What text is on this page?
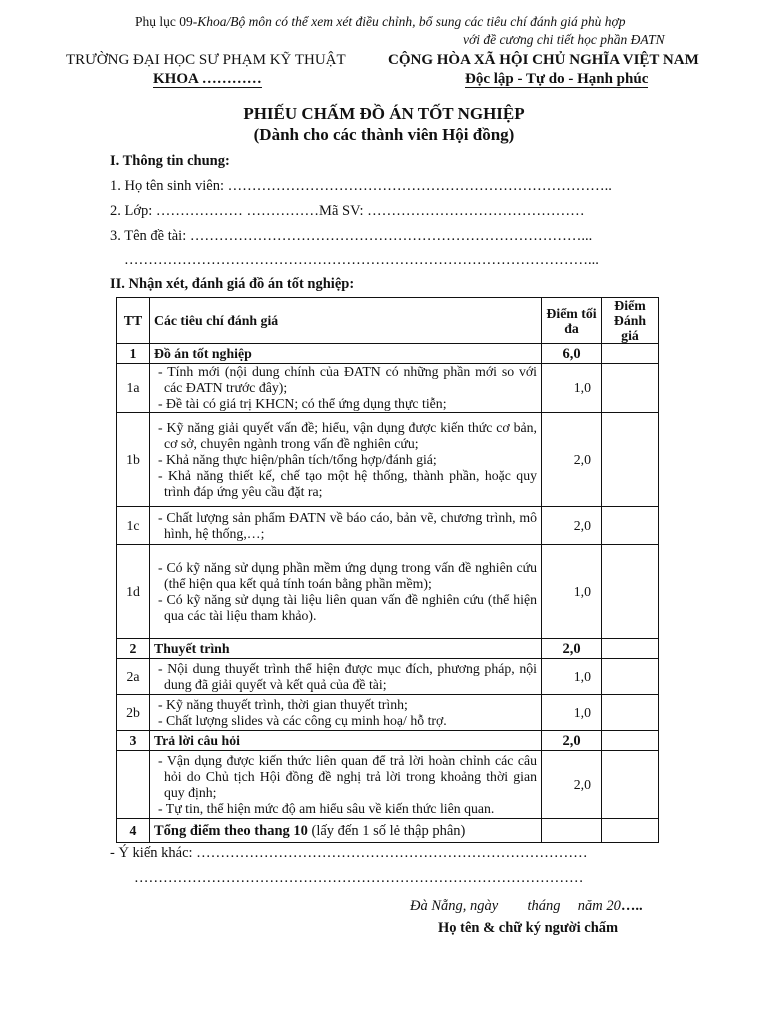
Phụ lục 09-Khoa/Bộ môn có thể xem xét điều chỉnh, bổ sung các tiêu chí đánh giá phù hợp
với đề cương chi tiết học phần ĐATN
TRƯỜNG ĐẠI HỌC SƯ PHẠM KỸ THUẬT
KHOA …………
CỘNG HÒA XÃ HỘI CHỦ NGHĨA VIỆT NAM
Độc lập - Tự do - Hạnh phúc
PHIẾU CHẤM ĐỒ ÁN TỐT NGHIỆP
(Dành cho các thành viên Hội đồng)
I. Thông tin chung:
1. Họ tên sinh viên: ……………………………………………………………………..
2. Lớp: ……………… ……………Mã SV: ………………………………………
3. Tên đề tài: ………………………………………………………………………...
……………………………………………………………………………………...
II. Nhận xét, đánh giá đồ án tốt nghiệp:
TT	Các tiêu chí đánh giá	Điểm tối đa	Điểm Đánh giá
1	Đồ án tốt nghiệp	6,0	
1a	- Tính mới (nội dung chính của ĐATN có những phần mới so với các ĐATN trước đây);
- Đề tài có giá trị KHCN; có thể ứng dụng thực tiễn;	1,0	
1b	- Kỹ năng giải quyết vấn đề; hiểu, vận dụng được kiến thức cơ bản, cơ sở, chuyên ngành trong vấn đề nghiên cứu;
- Khả năng thực hiện/phân tích/tổng hợp/đánh giá;
- Khả năng thiết kế, chế tạo một hệ thống, thành phần, hoặc quy trình đáp ứng yêu cầu đặt ra;	2,0	
1c	- Chất lượng sản phẩm ĐATN về báo cáo, bản vẽ, chương trình, mô hình, hệ thống,…;	2,0	
1d	- Có kỹ năng sử dụng phần mềm ứng dụng trong vấn đề nghiên cứu (thể hiện qua kết quả tính toán bằng phần mềm);
- Có kỹ năng sử dụng tài liệu liên quan vấn đề nghiên cứu (thể hiện qua các tài liệu tham khảo).	1,0	
2	Thuyết trình	2,0	
2a	- Nội dung thuyết trình thể hiện được mục đích, phương pháp, nội dung đã giải quyết và kết quả của đề tài;	1,0	
2b	- Kỹ năng thuyết trình, thời gian thuyết trình;
- Chất lượng slides và các công cụ minh hoạ/ hỗ trợ.	1,0	
3	Trả lời câu hỏi	2,0	

	- Vận dụng được kiến thức liên quan để trả lời hoàn chỉnh các câu hỏi do Chủ tịch Hội đồng đề nghị trả lời trong khoảng thời gian quy định;
- Tự tin, thể hiện mức độ am hiểu sâu về kiến thức liên quan.	2,0	
4	Tổng điểm theo thang 10 (lấy đến 1 số lẻ thập phân)		
- Ý kiến khác: ………………………………………………………………………
…………………………………………………………………………………
Đà Nẵng, ngày tháng năm 20…..
Họ tên & chữ ký người chấm
